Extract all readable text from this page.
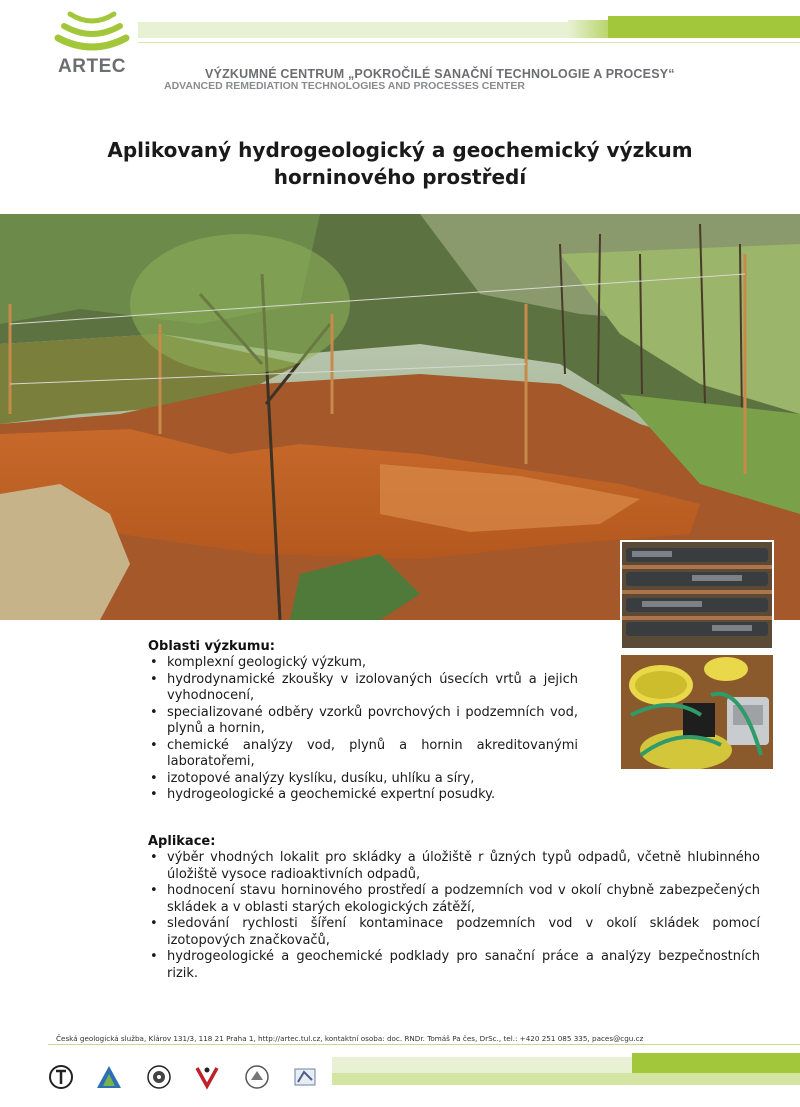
ARTEC	VÝZKUMNÉ CENTRUM „POKROČILÉ SANAČNÍ TECHNOLOGIE A PROCESY“
ADVANCED REMEDIATION TECHNOLOGIES AND PROCESSES CENTER
Aplikovaný hydrogeologický a geochemický výzkum
horninového prostředí
Oblasti výzkumu:
• komplexní geologický výzkum,
• hydrodynamické zkoušky v izolovaných úsecích vrtů a jejich vyhodnocení,
• specializované odběry vzorků povrchových i podzemních vod, plynů a hornin,
• chemické analýzy vod, plynů a hornin akreditovanými laboratořemi,
• izotopové analýzy kyslíku, dusíku, uhlíku a síry,
• hydrogeologické a geochemické expertní posudky.
Aplikace:
• výběr vhodných lokalit pro skládky a úložiště r ůzných typů odpadů, včetně hlubinného úložiště vysoce radioaktivních odpadů,
• hodnocení stavu horninového prostředí a podzemních vod v okolí chybně zabezpečených skládek a v oblasti starých ekologických zátěží,
• sledování rychlosti šíření kontaminace podzemních vod v okolí skládek pomocí izotopových značkovačů,
• hydrogeologické a geochemické podklady pro sanační práce a analýzy bezpečnostních rizik.
Česká geologická služba, Klárov 131/3, 118 21 Praha 1, http://artec.tul.cz, kontaktní osoba: doc. RNDr. Tomáš Pa čes, DrSc., tel.: +420 251 085 335, paces@cgu.cz
